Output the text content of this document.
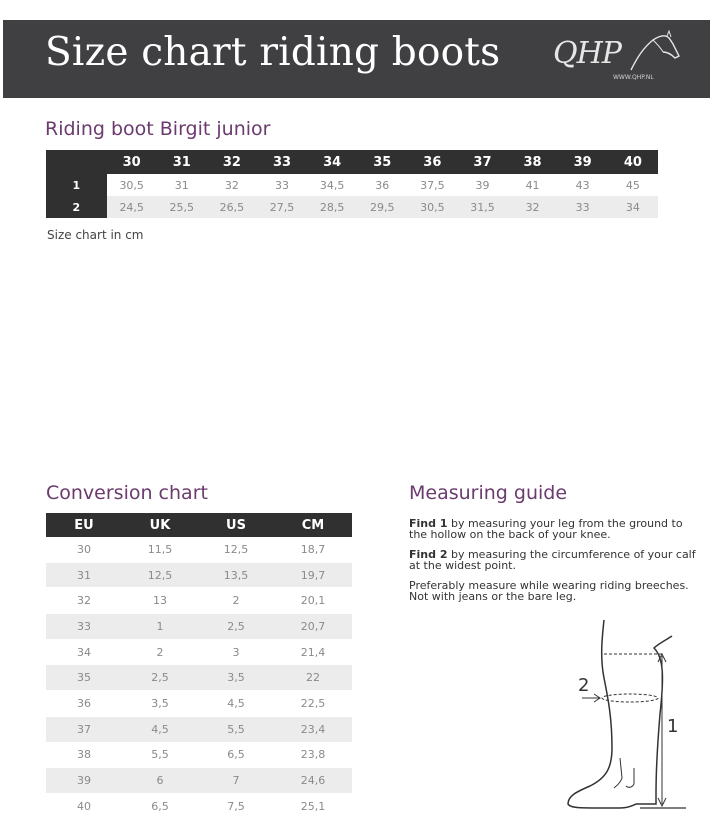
Size chart riding boots QHP
WWW.QHP.NL
Riding boot Birgit junior
	30	31	32	33	34	35	36	37	38	39	40
1	30,5	31	32	33	34,5	36	37,5	39	41	43	45
2	24,5	25,5	26,5	27,5	28,5	29,5	30,5	31,5	32	33	34
Size chart in cm
Conversion chart
EU	UK	US	CM
30	11,5	12,5	18,7
31	12,5	13,5	19,7
32	13	2	20,1
33	1	2,5	20,7
34	2	3	21,4
35	2,5	3,5	22
36	3,5	4,5	22,5
37	4,5	5,5	23,4
38	5,5	6,5	23,8
39	6	7	24,6
40	6,5	7,5	25,1
Measuring guide

Find 1 by measuring your leg from the ground to the hollow on the back of your knee.

Find 2 by measuring the circumference of your calf at the widest point.

Preferably measure while wearing riding breeches. Not with jeans or the bare leg.

2
1
